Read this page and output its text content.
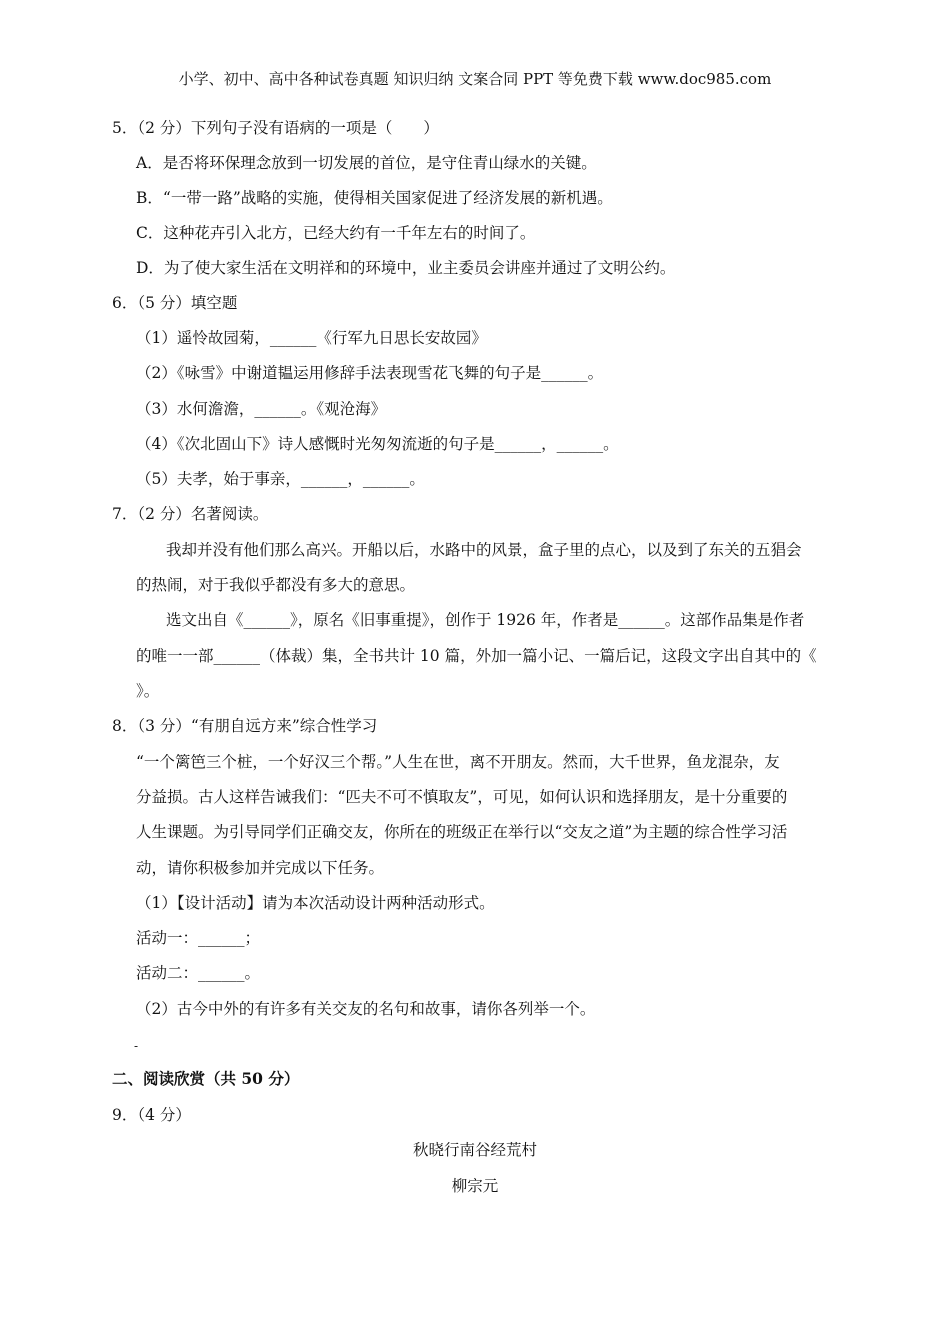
小学、初中、高中各种试卷真题 知识归纳 文案合同 PPT 等免费下载 www.doc985.com
5．（2 分）下列句子没有语病的一项是（　　）
A．是否将环保理念放到一切发展的首位，是守住青山绿水的关键。
B．“一带一路”战略的实施，使得相关国家促进了经济发展的新机遇。
C．这种花卉引入北方，已经大约有一千年左右的时间了。
D．为了使大家生活在文明祥和的环境中，业主委员会讲座并通过了文明公约。
6．（5 分）填空题
（1）遥怜故园菊，______《行军九日思长安故园》
（2）《咏雪》中谢道韫运用修辞手法表现雪花飞舞的句子是______。
（3）水何澹澹，______。《观沧海》
（4）《次北固山下》诗人感慨时光匆匆流逝的句子是______，______。
（5）夫孝，始于事亲，______，______。
7．（2 分）名著阅读。
我却并没有他们那么高兴。开船以后，水路中的风景，盒子里的点心，以及到了东关的五猖会
的热闹，对于我似乎都没有多大的意思。
选文出自《______》，原名《旧事重提》，创作于 1926 年，作者是______。这部作品集是作者
的唯一一部______（体裁）集，全书共计 10 篇，外加一篇小记、一篇后记，这段文字出自其中的《
》。
8．（3 分）“有朋自远方来”综合性学习
“一个篱笆三个桩，一个好汉三个帮。”人生在世，离不开朋友。然而，大千世界，鱼龙混杂，友
分益损。古人这样告诫我们：“匹夫不可不慎取友”，可见，如何认识和选择朋友，是十分重要的
人生课题。为引导同学们正确交友，你所在的班级正在举行以“交友之道”为主题的综合性学习活
动，请你积极参加并完成以下任务。
（1）【设计活动】请为本次活动设计两种活动形式。
活动一：______；
活动二：______。
（2）古今中外的有许多有关交友的名句和故事，请你各列举一个。
-
二、阅读欣赏（共 50 分）
9．（4 分）
秋晓行南谷经荒村
柳宗元
